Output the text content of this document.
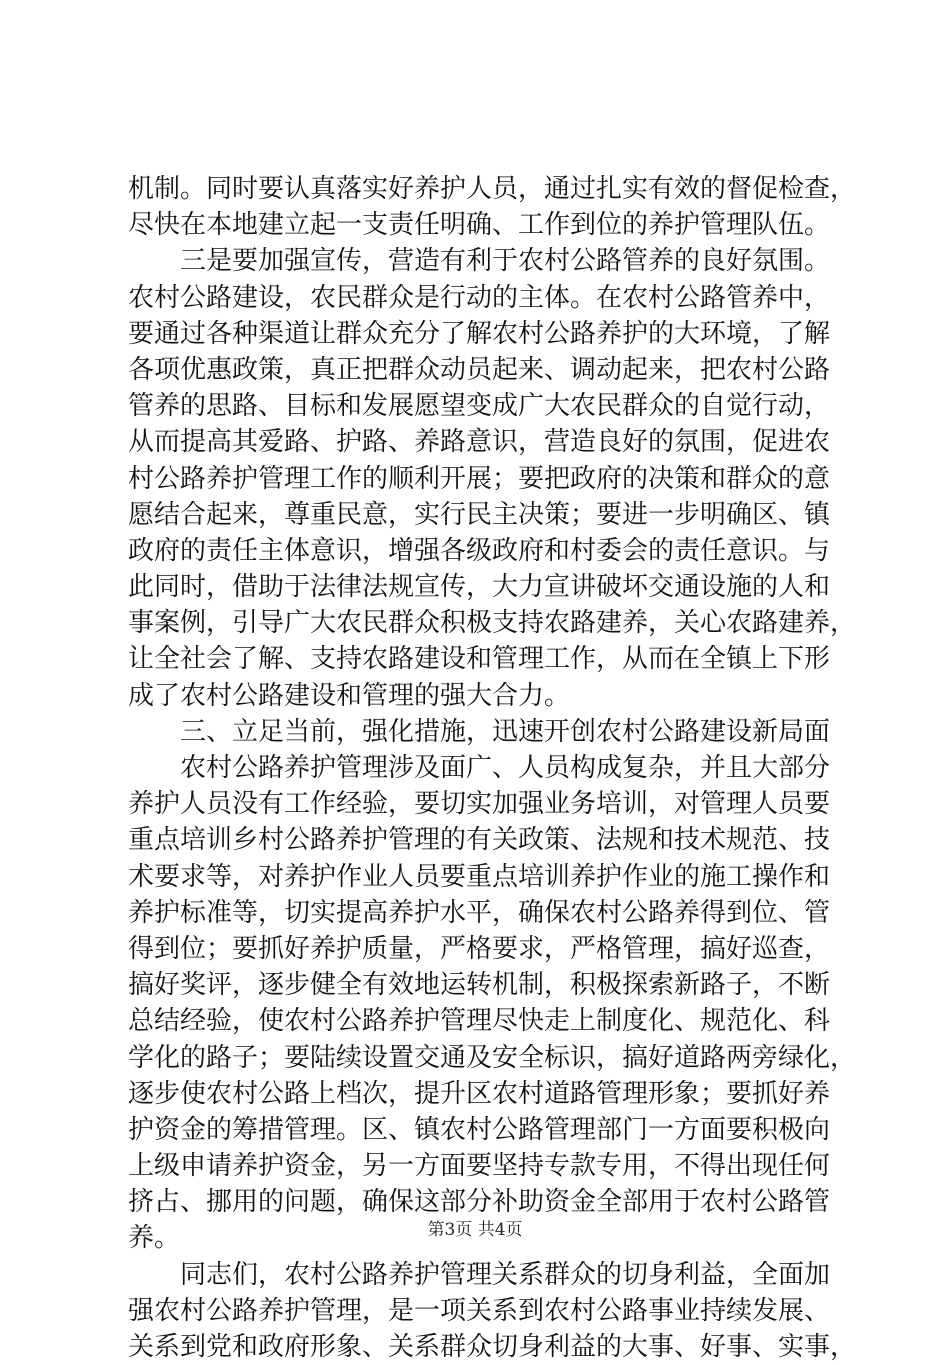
机制。同时要认真落实好养护人员，通过扎实有效的督促检查，
尽快在本地建立起一支责任明确、工作到位的养护管理队伍。
三是要加强宣传，营造有利于农村公路管养的良好氛围。
农村公路建设，农民群众是行动的主体。在农村公路管养中，
要通过各种渠道让群众充分了解农村公路养护的大环境，了解
各项优惠政策，真正把群众动员起来、调动起来，把农村公路
管养的思路、目标和发展愿望变成广大农民群众的自觉行动，
从而提高其爱路、护路、养路意识，营造良好的氛围，促进农
村公路养护管理工作的顺利开展；要把政府的决策和群众的意
愿结合起来，尊重民意，实行民主决策；要进一步明确区、镇
政府的责任主体意识，增强各级政府和村委会的责任意识。与
此同时，借助于法律法规宣传，大力宣讲破坏交通设施的人和
事案例，引导广大农民群众积极支持农路建养，关心农路建养，
让全社会了解、支持农路建设和管理工作，从而在全镇上下形
成了农村公路建设和管理的强大合力。
三、立足当前，强化措施，迅速开创农村公路建设新局面
农村公路养护管理涉及面广、人员构成复杂，并且大部分
养护人员没有工作经验，要切实加强业务培训，对管理人员要
重点培训乡村公路养护管理的有关政策、法规和技术规范、技
术要求等，对养护作业人员要重点培训养护作业的施工操作和
养护标准等，切实提高养护水平，确保农村公路养得到位、管
得到位；要抓好养护质量，严格要求，严格管理，搞好巡查，
搞好奖评，逐步健全有效地运转机制，积极探索新路子，不断
总结经验，使农村公路养护管理尽快走上制度化、规范化、科
学化的路子；要陆续设置交通及安全标识，搞好道路两旁绿化，
逐步使农村公路上档次，提升区农村道路管理形象；要抓好养
护资金的筹措管理。区、镇农村公路管理部门一方面要积极向
上级申请养护资金，另一方面要坚持专款专用，不得出现任何
挤占、挪用的问题，确保这部分补助资金全部用于农村公路管
养。
同志们，农村公路养护管理关系群众的切身利益，全面加
强农村公路养护管理，是一项关系到农村公路事业持续发展、
关系到党和政府形象、关系群众切身利益的大事、好事、实事，
第3页 共4页
